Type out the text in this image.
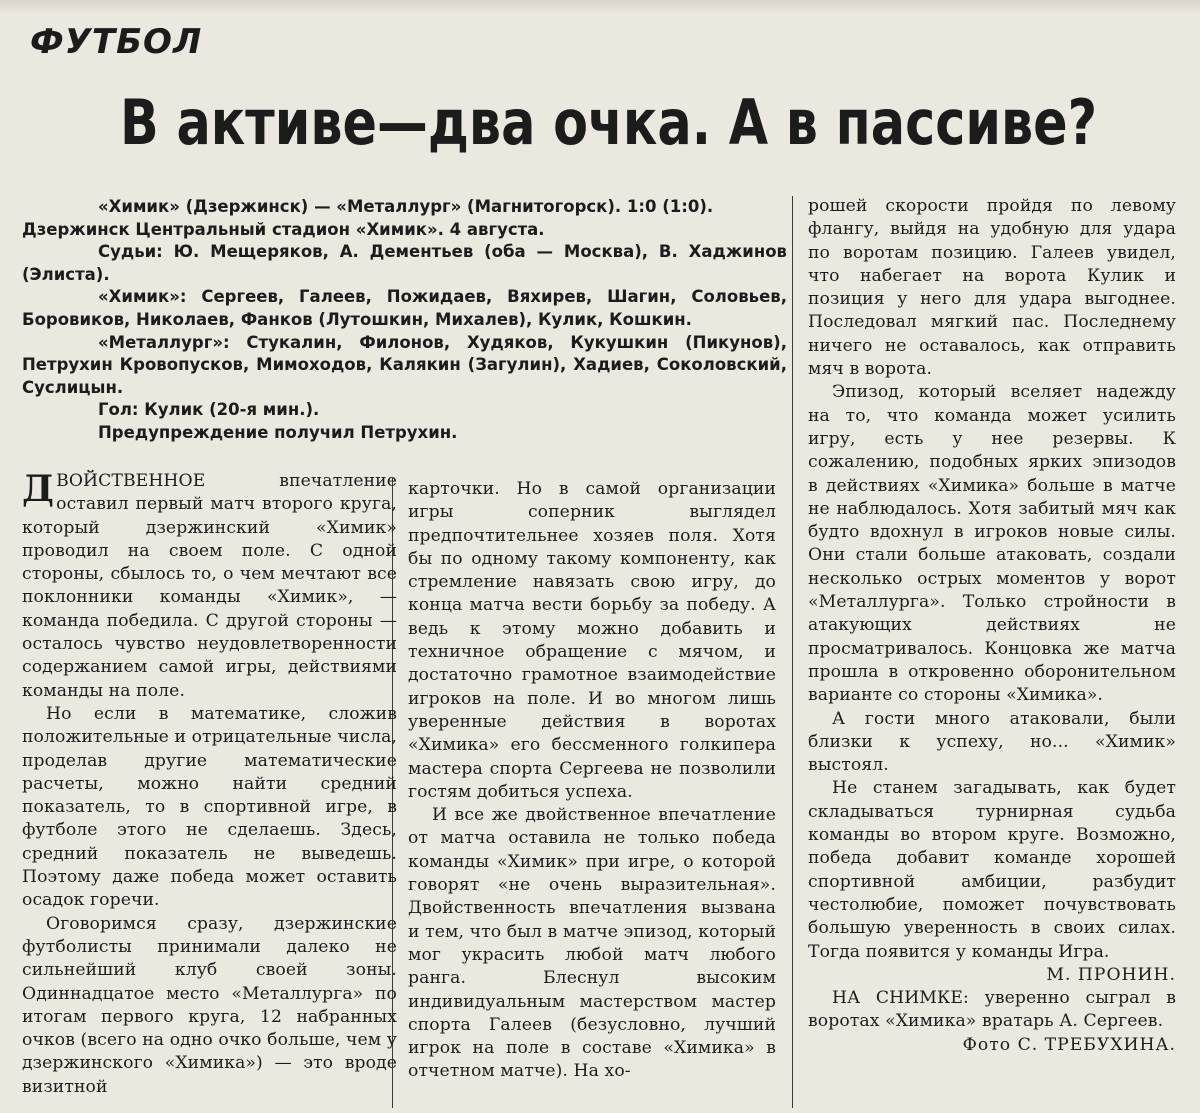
ФУТБОЛ
В активе—два очка. А в пассиве?

«Химик» (Дзержинск) — «Металлург» (Магнитогорск). 1:0 (1:0).

Дзержинск Центральный стадион «Химик». 4 августа.

Судьи: Ю. Мещеряков, А. Дементьев (оба — Москва), В. Хаджинов (Элиста).

«Химик»: Сергеев, Галеев, Пожидаев, Вяхирев, Шагин, Соловьев, Боровиков, Николаев, Фанков (Лутошкин, Михалев), Кулик, Кошкин.

«Металлург»: Стукалин, Филонов, Худяков, Кукушкин (Пикунов), Петрухин Кровопусков, Мимоходов, Калякин (Загулин), Хадиев, Соколовский, Суслицын.

Гол: Кулик (20-я мин.).

Предупреждение получил Петрухин.

ДВОЙСТВЕННОЕ впечатление оставил первый матч второго круга, который дзержинский «Химик» проводил на своем поле. С одной стороны, сбылось то, о чем мечтают все поклонники команды «Химик», — команда победила. С другой стороны — осталось чувство неудовлетворенности содержанием самой игры, действиями команды на поле.

Но если в математике, сложив положительные и отрицательные числа, проделав другие математические расчеты, можно найти средний показатель, то в спортивной игре, в футболе этого не сделаешь. Здесь, средний показатель не выведешь. Поэтому даже победа может оставить осадок горечи.

Оговоримся сразу, дзержинские футболисты принимали далеко не сильнейший клуб своей зоны. Одиннадцатое место «Металлурга» по итогам первого круга, 12 набранных очков (всего на одно очко больше, чем у дзержинского «Химика») — это вроде визитной

карточки. Но в самой организации игры соперник выглядел предпочтительнее хозяев поля. Хотя бы по одному такому компоненту, как стремление навязать свою игру, до конца матча вести борьбу за победу. А ведь к этому можно добавить и техничное обращение с мячом, и достаточно грамотное взаимодействие игроков на поле. И во многом лишь уверенные действия в воротах «Химика» его бессменного голкипера мастера спорта Сергеева не позволили гостям добиться успеха.

И все же двойственное впечатление от матча оставила не только победа команды «Химик» при игре, о которой говорят «не очень выразительная». Двойственность впечатления вызвана и тем, что был в матче эпизод, который мог украсить любой матч любого ранга. Блеснул высоким индивидуальным мастерством мастер спорта Галеев (безусловно, лучший игрок на поле в составе «Химика» в отчетном матче). На хо-

рошей скорости пройдя по левому флангу, выйдя на удобную для удара по воротам позицию. Галеев увидел, что набегает на ворота Кулик и позиция у него для удара выгоднее. Последовал мягкий пас. Последнему ничего не оставалось, как отправить мяч в ворота.

Эпизод, который вселяет надежду на то, что команда может усилить игру, есть у нее резервы. К сожалению, подобных ярких эпизодов в действиях «Химика» больше в матче не наблюдалось. Хотя забитый мяч как будто вдохнул в игроков новые силы. Они стали больше атаковать, создали несколько острых моментов у ворот «Металлурга». Только стройности в атакующих действиях не просматривалось. Концовка же матча прошла в откровенно оборонительном варианте со стороны «Химика».

А гости много атаковали, были близки к успеху, но... «Химик» выстоял.

Не станем загадывать, как будет складываться турнирная судьба команды во втором круге. Возможно, победа добавит команде хорошей спортивной амбиции, разбудит честолюбие, поможет почувствовать большую уверенность в своих силах. Тогда появится у команды Игра.

М. ПРОНИН.

НА СНИМКЕ: уверенно сыграл в воротах «Химика» вратарь А. Сергеев.

Фото С. ТРЕБУХИНА.
